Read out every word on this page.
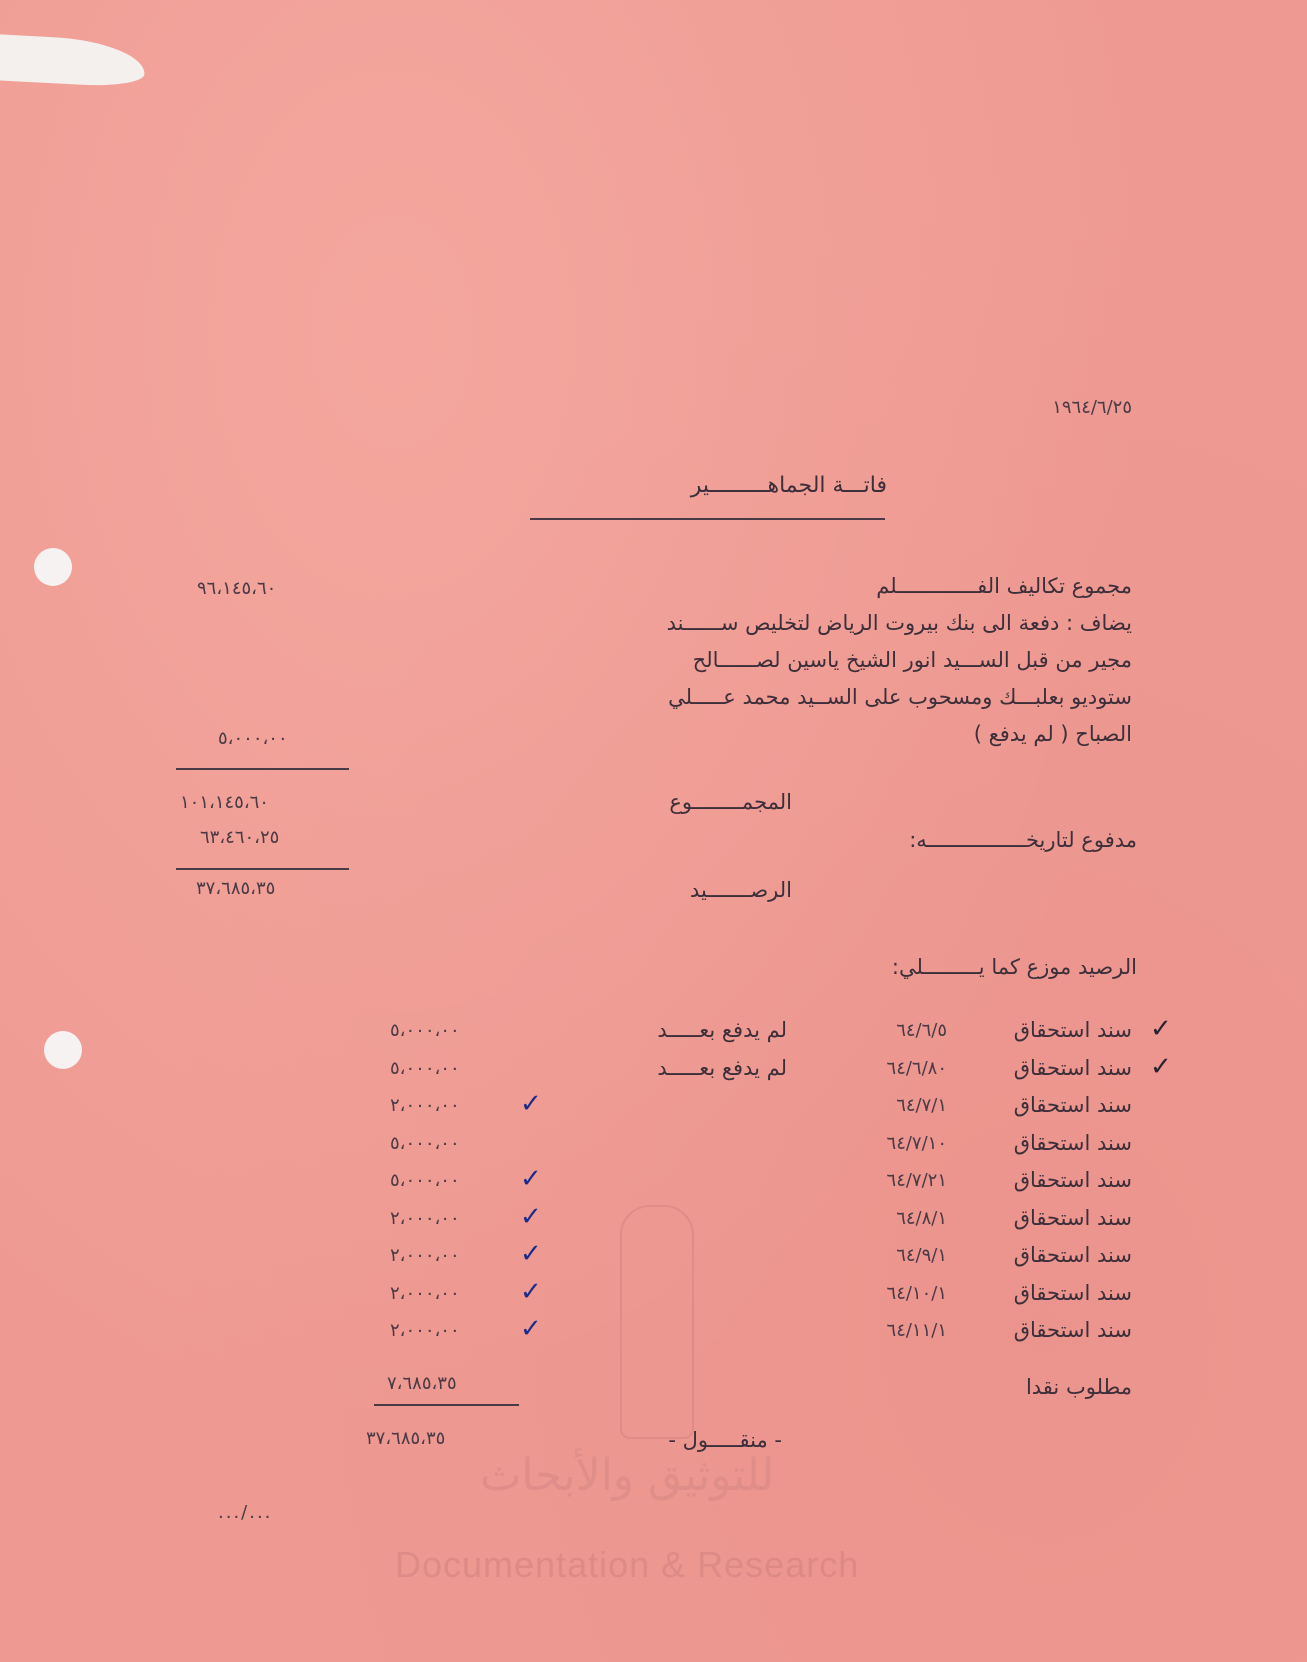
للتوثيق والأبحاث
Documentation & Research
١٩٦٤/٦/٢٥
فاتـــة الجماهـــــــــير
مجموع تكاليف الفـــــــــــــلم
يضاف : دفعة الى بنك بيروت الرياض لتخليص ســــــند
مجير من قبل الســـيد انور الشيخ ياسين لصــــــالح
ستوديو بعلبـــك ومسحوب على الســيد محمد عـــــلي
الصباح ( لم يدفع )
٩٦،١٤٥،٦٠
٥،٠٠٠،٠٠
١٠١،١٤٥،٦٠
٦٣،٤٦٠،٢٥
٣٧،٦٨٥،٣٥
المجمــــــــوع
مدفوع لتاريخــــــــــــــــه:
الرصـــــــيد
الرصيد موزع كما يـــــــــلي:
سند استحقاق
٦٤/٦/٥
لم يدفع بعـــــد
٥،٠٠٠،٠٠	✓
سند استحقاق
٦٤/٦/٨٠
لم يدفع بعـــــد
٥،٠٠٠،٠٠	✓
سند استحقاق
٦٤/٧/١
٢،٠٠٠،٠٠ ✓
سند استحقاق
٦٤/٧/١٠
٥،٠٠٠،٠٠
سند استحقاق
٦٤/٧/٢١
٥،٠٠٠،٠٠ ✓
سند استحقاق
٦٤/٨/١
٢،٠٠٠،٠٠ ✓
سند استحقاق
٦٤/٩/١
٢،٠٠٠،٠٠ ✓
سند استحقاق
٦٤/١٠/١
٢،٠٠٠،٠٠ ✓
سند استحقاق
٦٤/١١/١
٢،٠٠٠،٠٠ ✓
مطلوب نقدا
٧،٦٨٥،٣٥
- منقـــــول -
٣٧،٦٨٥،٣٥
.../...
